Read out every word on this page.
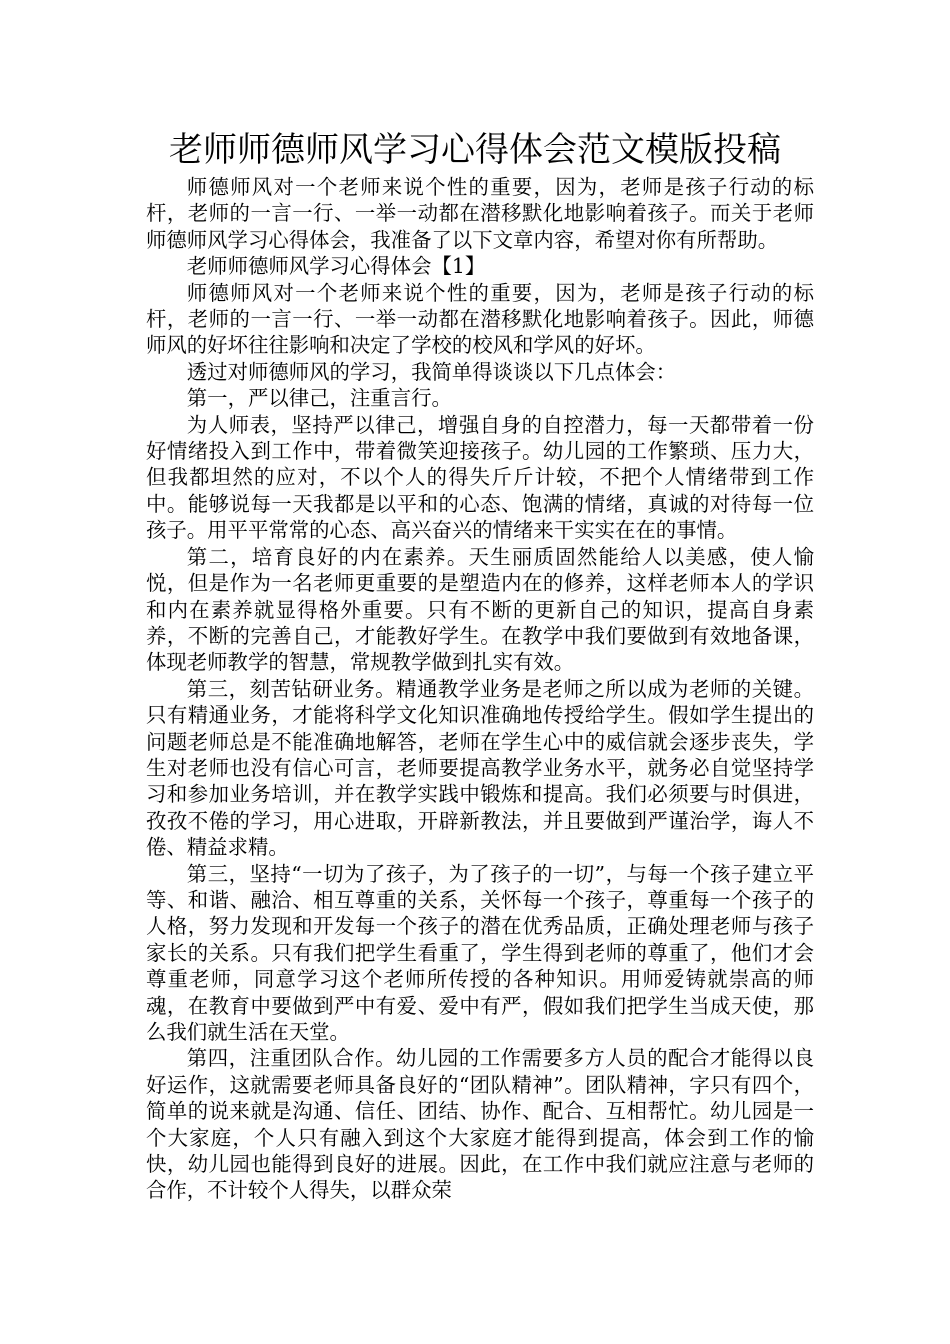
老师师德师风学习心得体会范文模版投稿

师德师风对一个老师来说个性的重要，因为，老师是孩子行动的标杆，老师的一言一行、一举一动都在潜移默化地影响着孩子。而关于老师师德师风学习心得体会，我准备了以下文章内容，希望对你有所帮助。

老师师德师风学习心得体会【1】

师德师风对一个老师来说个性的重要，因为，老师是孩子行动的标杆，老师的一言一行、一举一动都在潜移默化地影响着孩子。因此，师德师风的好坏往往影响和决定了学校的校风和学风的好坏。

透过对师德师风的学习，我简单得谈谈以下几点体会：

第一，严以律己，注重言行。

为人师表，坚持严以律己，增强自身的自控潜力，每一天都带着一份好情绪投入到工作中，带着微笑迎接孩子。幼儿园的工作繁琐、压力大，但我都坦然的应对，不以个人的得失斤斤计较，不把个人情绪带到工作中。能够说每一天我都是以平和的心态、饱满的情绪，真诚的对待每一位孩子。用平平常常的心态、高兴奋兴的情绪来干实实在在的事情。

第二，培育良好的内在素养。天生丽质固然能给人以美感，使人愉悦，但是作为一名老师更重要的是塑造内在的修养，这样老师本人的学识和内在素养就显得格外重要。只有不断的更新自己的知识，提高自身素养，不断的完善自己，才能教好学生。在教学中我们要做到有效地备课，体现老师教学的智慧，常规教学做到扎实有效。

第三，刻苦钻研业务。精通教学业务是老师之所以成为老师的关键。只有精通业务，才能将科学文化知识准确地传授给学生。假如学生提出的问题老师总是不能准确地解答，老师在学生心中的威信就会逐步丧失，学生对老师也没有信心可言，老师要提高教学业务水平，就务必自觉坚持学习和参加业务培训，并在教学实践中锻炼和提高。我们必须要与时俱进，孜孜不倦的学习，用心进取，开辟新教法，并且要做到严谨治学，诲人不倦、精益求精。

第三，坚持“一切为了孩子，为了孩子的一切”，与每一个孩子建立平等、和谐、融洽、相互尊重的关系，关怀每一个孩子，尊重每一个孩子的人格，努力发现和开发每一个孩子的潜在优秀品质，正确处理老师与孩子家长的关系。只有我们把学生看重了，学生得到老师的尊重了，他们才会尊重老师，同意学习这个老师所传授的各种知识。用师爱铸就崇高的师魂，在教育中要做到严中有爱、爱中有严，假如我们把学生当成天使，那么我们就生活在天堂。

第四，注重团队合作。幼儿园的工作需要多方人员的配合才能得以良好运作，这就需要老师具备良好的“团队精神”。团队精神，字只有四个，简单的说来就是沟通、信任、团结、协作、配合、互相帮忙。幼儿园是一个大家庭，个人只有融入到这个大家庭才能得到提高，体会到工作的愉快，幼儿园也能得到良好的进展。因此，在工作中我们就应注意与老师的合作，不计较个人得失，以群众荣
